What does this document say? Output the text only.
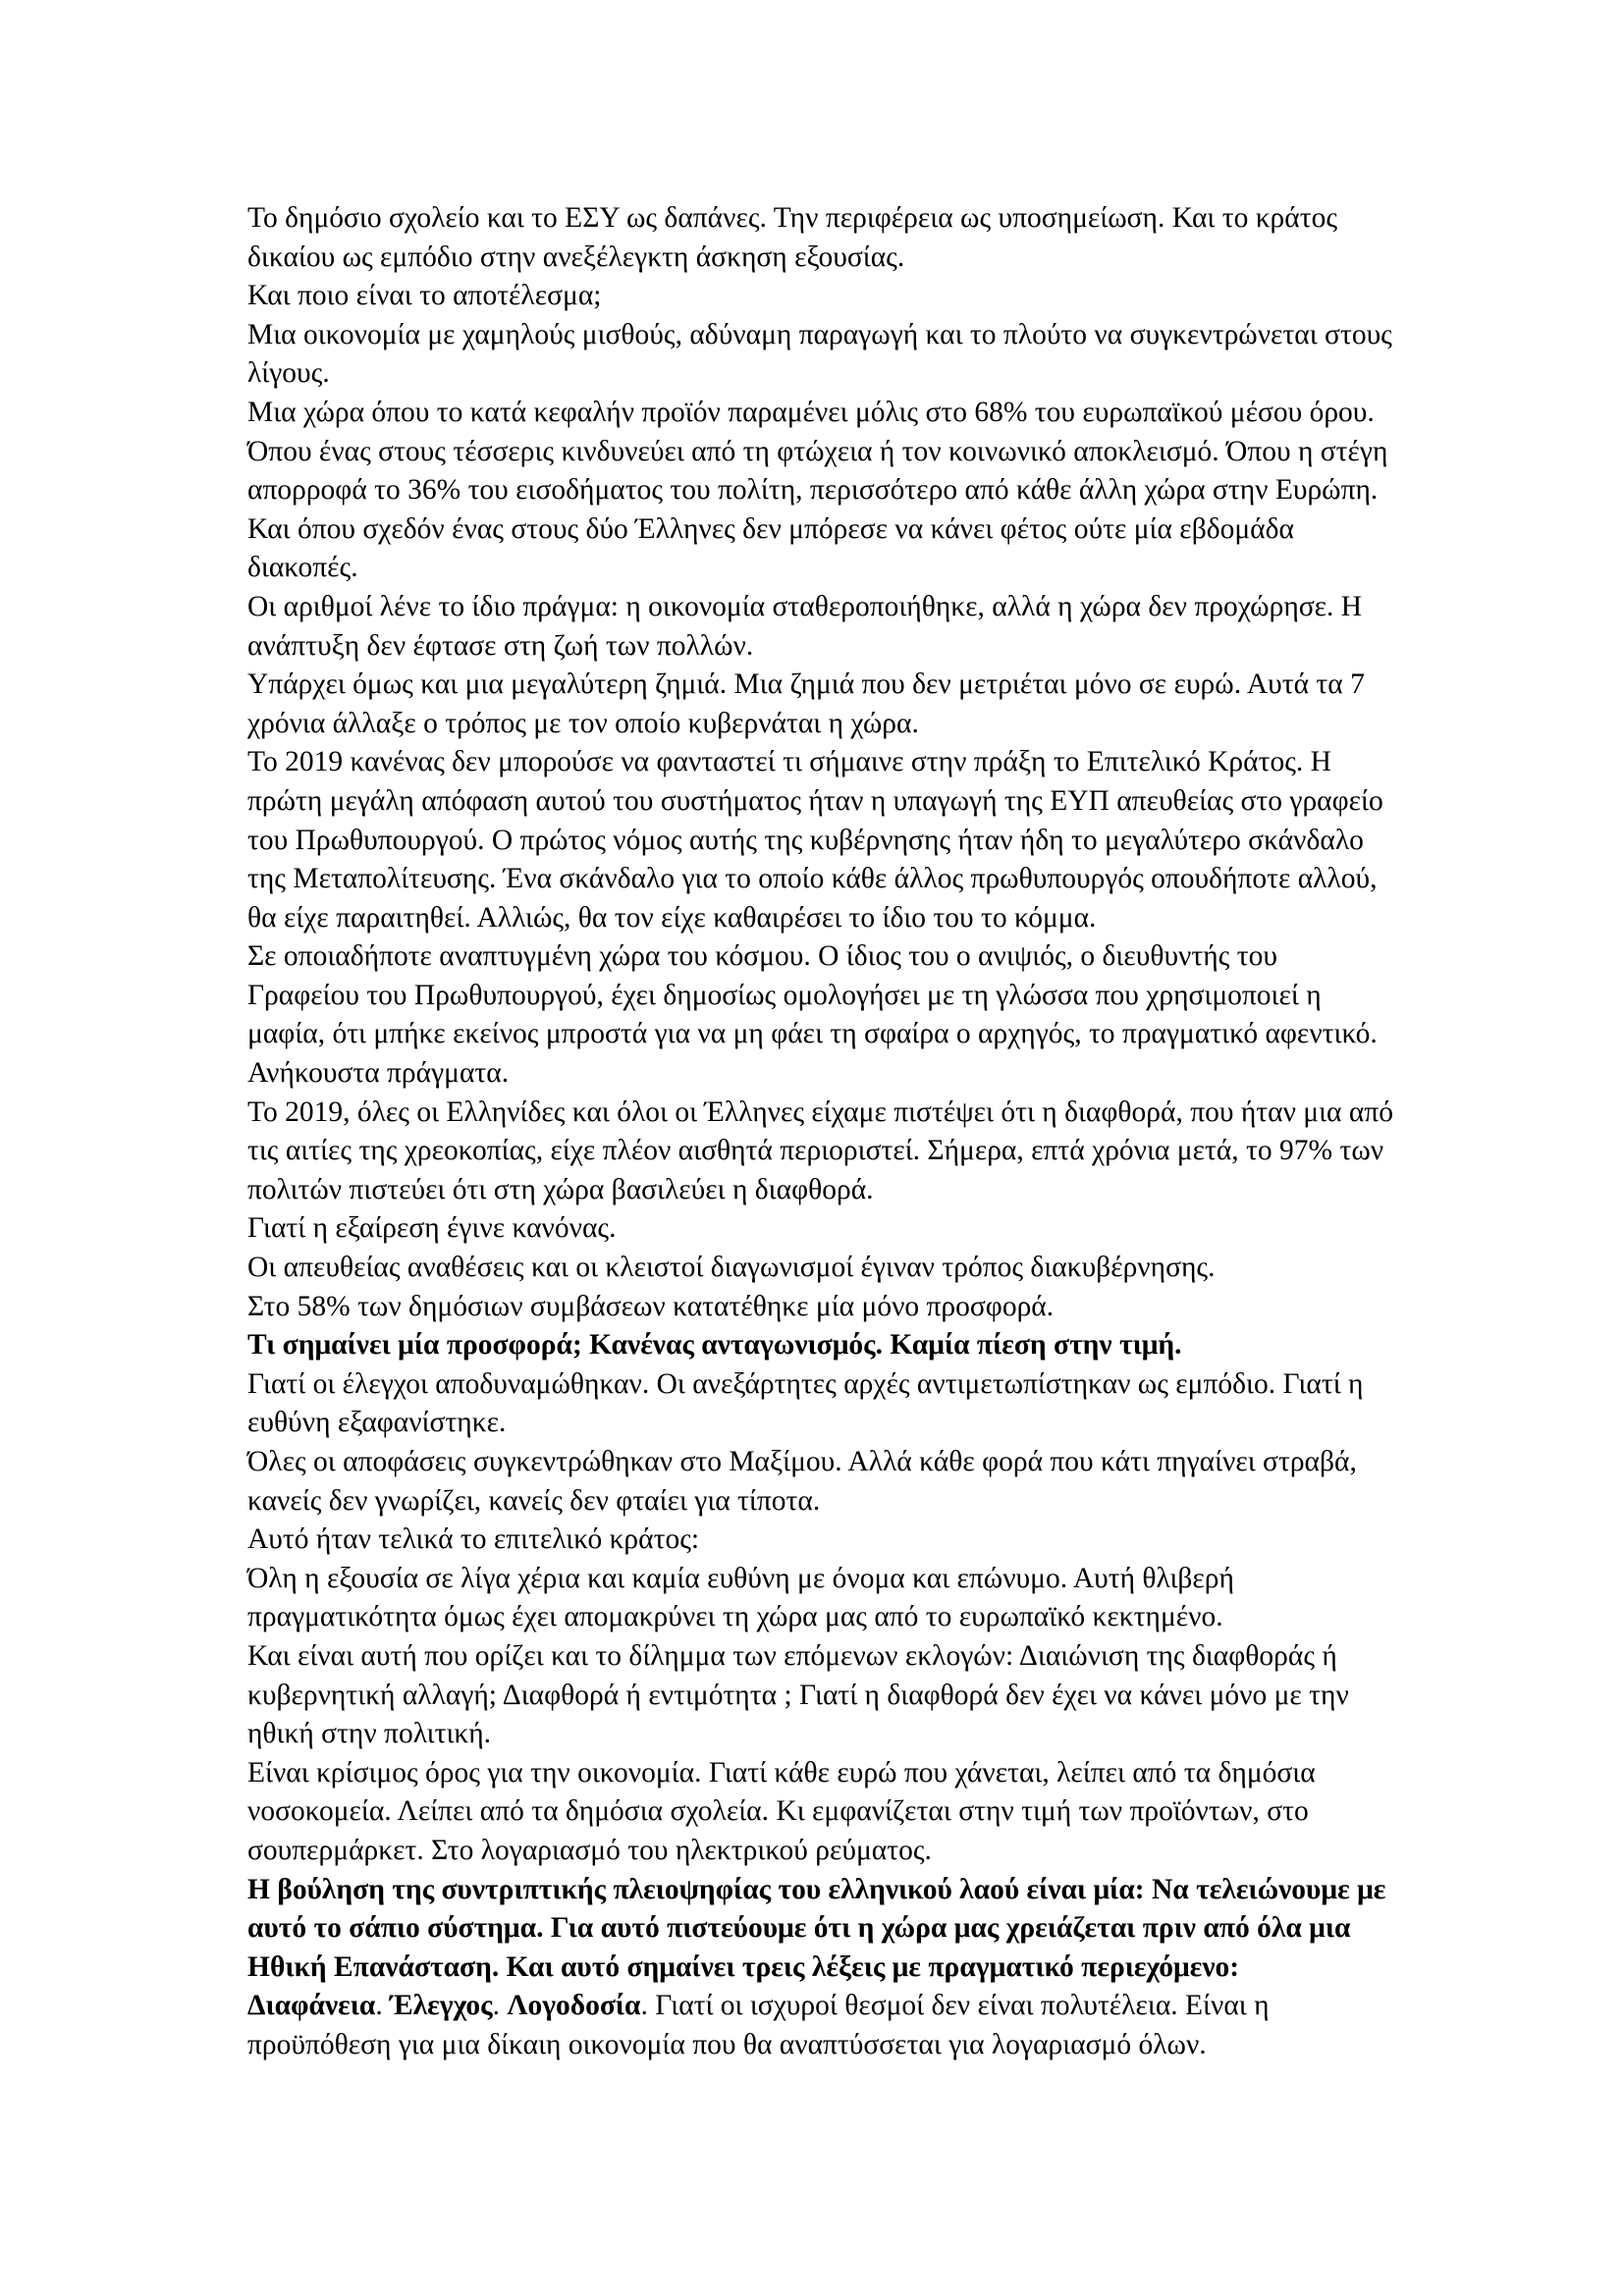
Το δημόσιο σχολείο και το ΕΣΥ ως δαπάνες. Την περιφέρεια ως υποσημείωση. Και το κράτος δικαίου ως εμπόδιο στην ανεξέλεγκτη άσκηση εξουσίας.

Και ποιο είναι το αποτέλεσμα;

Μια οικονομία με χαμηλούς μισθούς, αδύναμη παραγωγή και το πλούτο να συγκεντρώνεται στους λίγους.

Μια χώρα όπου το κατά κεφαλήν προϊόν παραμένει μόλις στο 68% του ευρωπαϊκού μέσου όρου. Όπου ένας στους τέσσερις κινδυνεύει από τη φτώχεια ή τον κοινωνικό αποκλεισμό. Όπου η στέγη απορροφά το 36% του εισοδήματος του πολίτη, περισσότερο από κάθε άλλη χώρα στην Ευρώπη. Και όπου σχεδόν ένας στους δύο Έλληνες δεν μπόρεσε να κάνει φέτος ούτε μία εβδομάδα διακοπές.

Οι αριθμοί λένε το ίδιο πράγμα: η οικονομία σταθεροποιήθηκε, αλλά η χώρα δεν προχώρησε. Η ανάπτυξη δεν έφτασε στη ζωή των πολλών.

Υπάρχει όμως και μια μεγαλύτερη ζημιά. Μια ζημιά που δεν μετριέται μόνο σε ευρώ. Αυτά τα 7 χρόνια άλλαξε ο τρόπος με τον οποίο κυβερνάται η χώρα.

Το 2019 κανένας δεν μπορούσε να φανταστεί τι σήμαινε στην πράξη το Επιτελικό Κράτος. Η πρώτη μεγάλη απόφαση αυτού του συστήματος ήταν η υπαγωγή της ΕΥΠ απευθείας στο γραφείο του Πρωθυπουργού. Ο πρώτος νόμος αυτής της κυβέρνησης ήταν ήδη το μεγαλύτερο σκάνδαλο της Μεταπολίτευσης. Ένα σκάνδαλο για το οποίο κάθε άλλος πρωθυπουργός οπουδήποτε αλλού, θα είχε παραιτηθεί. Αλλιώς, θα τον είχε καθαιρέσει το ίδιο του το κόμμα.

Σε οποιαδήποτε αναπτυγμένη χώρα του κόσμου. Ο ίδιος του ο ανιψιός, ο διευθυντής του Γραφείου του Πρωθυπουργού, έχει δημοσίως ομολογήσει με τη γλώσσα που χρησιμοποιεί η μαφία, ότι μπήκε εκείνος μπροστά για να μη φάει τη σφαίρα ο αρχηγός, το πραγματικό αφεντικό. Ανήκουστα πράγματα.

Το 2019, όλες οι Ελληνίδες και όλοι οι Έλληνες είχαμε πιστέψει ότι η διαφθορά, που ήταν μια από τις αιτίες της χρεοκοπίας, είχε πλέον αισθητά περιοριστεί. Σήμερα, επτά χρόνια μετά, το 97% των πολιτών πιστεύει ότι στη χώρα βασιλεύει η διαφθορά.

Γιατί η εξαίρεση έγινε κανόνας.

Οι απευθείας αναθέσεις και οι κλειστοί διαγωνισμοί έγιναν τρόπος διακυβέρνησης.

Στο 58% των δημόσιων συμβάσεων κατατέθηκε μία μόνο προσφορά.

Τι σημαίνει μία προσφορά; Κανένας ανταγωνισμός. Καμία πίεση στην τιμή.

Γιατί οι έλεγχοι αποδυναμώθηκαν. Οι ανεξάρτητες αρχές αντιμετωπίστηκαν ως εμπόδιο. Γιατί η ευθύνη εξαφανίστηκε.

Όλες οι αποφάσεις συγκεντρώθηκαν στο Μαξίμου. Αλλά κάθε φορά που κάτι πηγαίνει στραβά, κανείς δεν γνωρίζει, κανείς δεν φταίει για τίποτα.

Αυτό ήταν τελικά το επιτελικό κράτος:

Όλη η εξουσία σε λίγα χέρια και καμία ευθύνη με όνομα και επώνυμο. Αυτή θλιβερή πραγματικότητα όμως έχει απομακρύνει τη χώρα μας από το ευρωπαϊκό κεκτημένο.

Και είναι αυτή που ορίζει και το δίλημμα των επόμενων εκλογών: Διαιώνιση της διαφθοράς ή κυβερνητική αλλαγή; Διαφθορά ή εντιμότητα ; Γιατί η διαφθορά δεν έχει να κάνει μόνο με την ηθική στην πολιτική.

Είναι κρίσιμος όρος για την οικονομία. Γιατί κάθε ευρώ που χάνεται, λείπει από τα δημόσια νοσοκομεία. Λείπει από τα δημόσια σχολεία. Κι εμφανίζεται στην τιμή των προϊόντων, στο σουπερμάρκετ. Στο λογαριασμό του ηλεκτρικού ρεύματος.

Η βούληση της συντριπτικής πλειοψηφίας του ελληνικού λαού είναι μία: Να τελειώνουμε με αυτό το σάπιο σύστημα. Για αυτό πιστεύουμε ότι η χώρα μας χρειάζεται πριν από όλα μια Ηθική Επανάσταση. Και αυτό σημαίνει τρεις λέξεις με πραγματικό περιεχόμενο:

Διαφάνεια. Έλεγχος. Λογοδοσία. Γιατί οι ισχυροί θεσμοί δεν είναι πολυτέλεια. Είναι η προϋπόθεση για μια δίκαιη οικονομία που θα αναπτύσσεται για λογαριασμό όλων.
